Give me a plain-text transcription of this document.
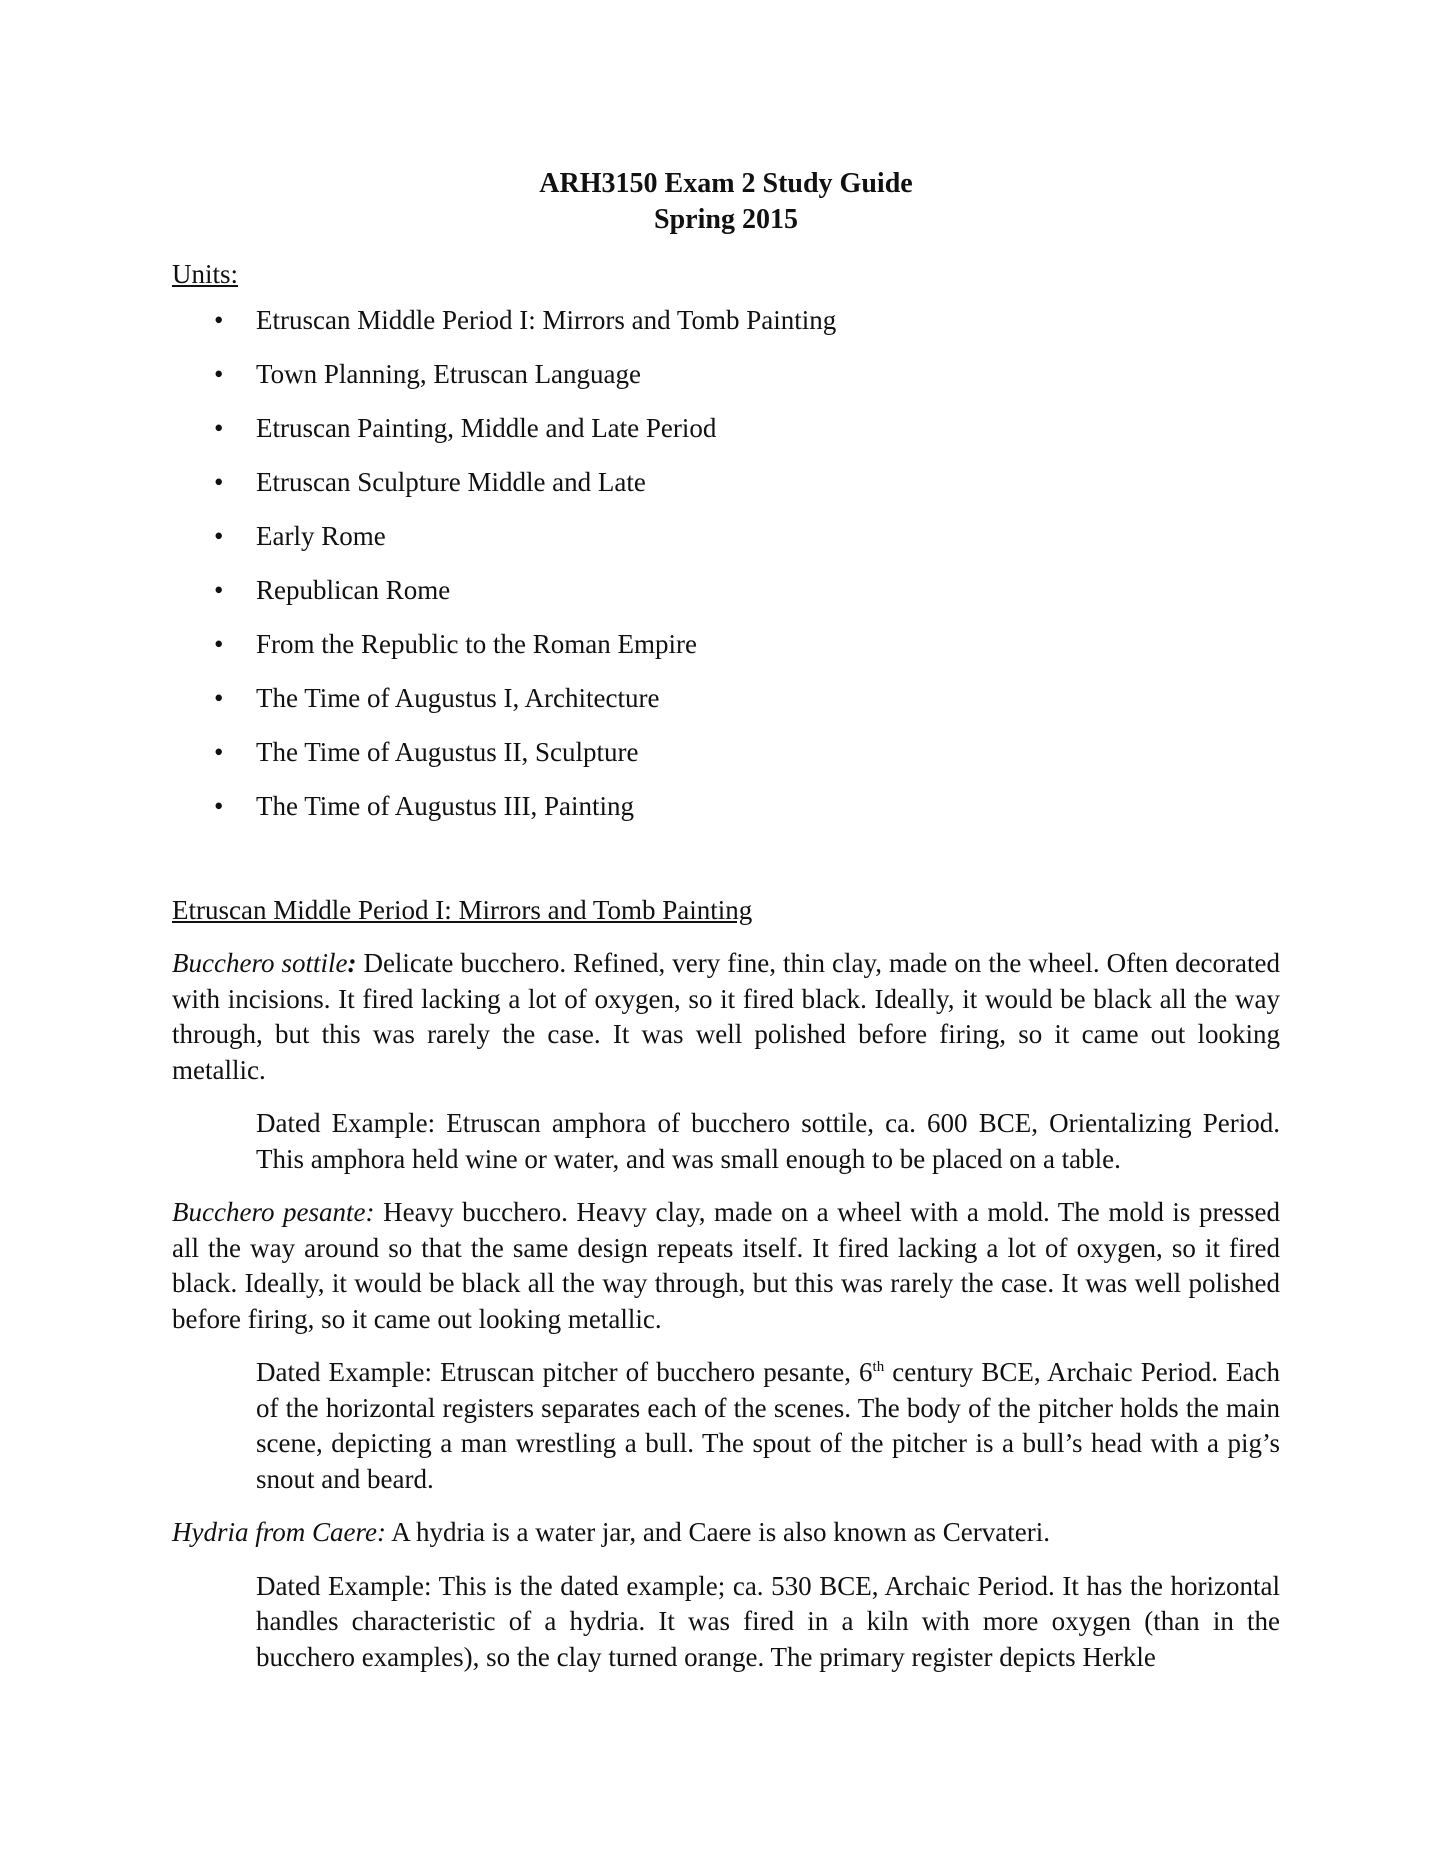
ARH3150 Exam 2 Study Guide
Spring 2015
Units:
• Etruscan Middle Period I: Mirrors and Tomb Painting
• Town Planning, Etruscan Language
• Etruscan Painting, Middle and Late Period
• Etruscan Sculpture Middle and Late
• Early Rome
• Republican Rome
• From the Republic to the Roman Empire
• The Time of Augustus I, Architecture
• The Time of Augustus II, Sculpture
• The Time of Augustus III, Painting
Etruscan Middle Period I: Mirrors and Tomb Painting

Bucchero sottile: Delicate bucchero. Refined, very fine, thin clay, made on the wheel. Often decorated with incisions. It fired lacking a lot of oxygen, so it fired black. Ideally, it would be black all the way through, but this was rarely the case. It was well polished before firing, so it came out looking metallic.

Dated Example: Etruscan amphora of bucchero sottile, ca. 600 BCE, Orientalizing Period. This amphora held wine or water, and was small enough to be placed on a table.

Bucchero pesante: Heavy bucchero. Heavy clay, made on a wheel with a mold. The mold is pressed all the way around so that the same design repeats itself. It fired lacking a lot of oxygen, so it fired black. Ideally, it would be black all the way through, but this was rarely the case. It was well polished before firing, so it came out looking metallic.

Dated Example: Etruscan pitcher of bucchero pesante, 6th century BCE, Archaic Period. Each of the horizontal registers separates each of the scenes. The body of the pitcher holds the main scene, depicting a man wrestling a bull. The spout of the pitcher is a bull’s head with a pig’s snout and beard.

Hydria from Caere: A hydria is a water jar, and Caere is also known as Cervateri.

Dated Example: This is the dated example; ca. 530 BCE, Archaic Period. It has the horizontal handles characteristic of a hydria. It was fired in a kiln with more oxygen (than in the bucchero examples), so the clay turned orange. The primary register depicts Herkle
